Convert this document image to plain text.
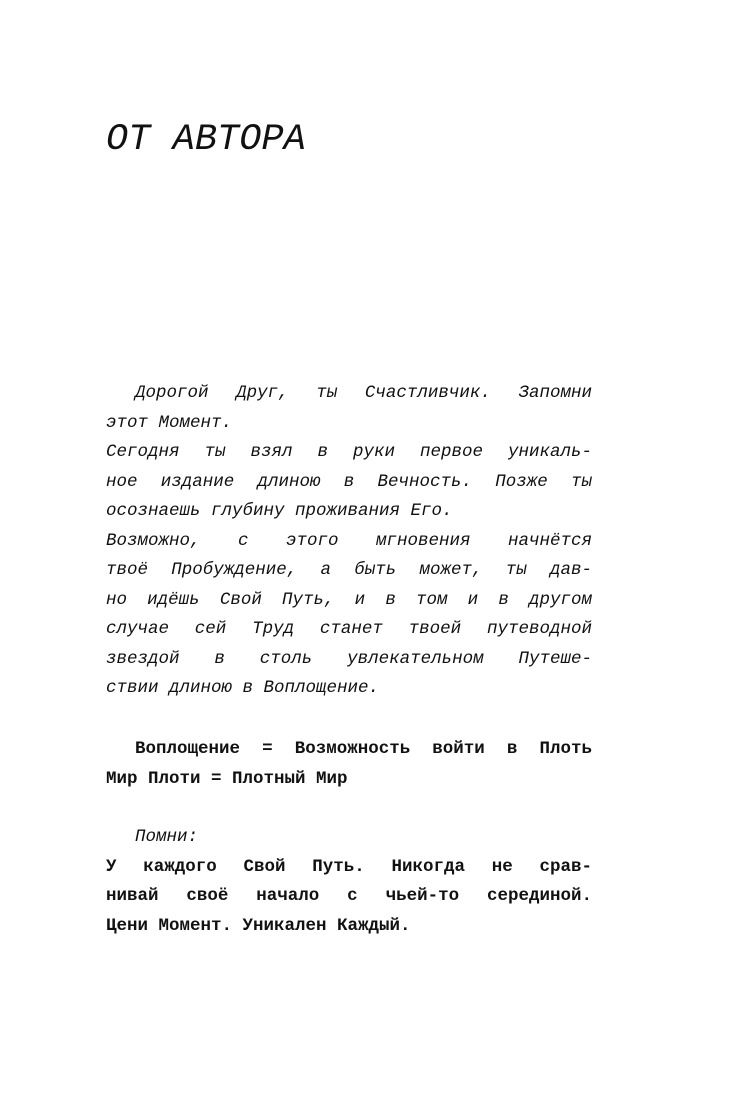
ОТ АВТОРА
Дорогой Друг, ты Счастливчик. Запомни
этот Момент.
Сегодня ты взял в руки первое уникаль-
ное издание длиною в Вечность. Позже ты
осознаешь глубину проживания Его.
Возможно, с этого мгновения начнётся
твоё Пробуждение, а быть может, ты дав-
но идёшь Свой Путь, и в том и в другом
случае сей Труд станет твоей путеводной
звездой в столь увлекательном Путеше-
ствии длиною в Воплощение.
Воплощение = Возможность войти в Плоть
Мир Плоти = Плотный Мир
Помни:
У каждого Свой Путь. Никогда не срав-
нивай своё начало с чьей-то серединой.
Цени Момент. Уникален Каждый.
